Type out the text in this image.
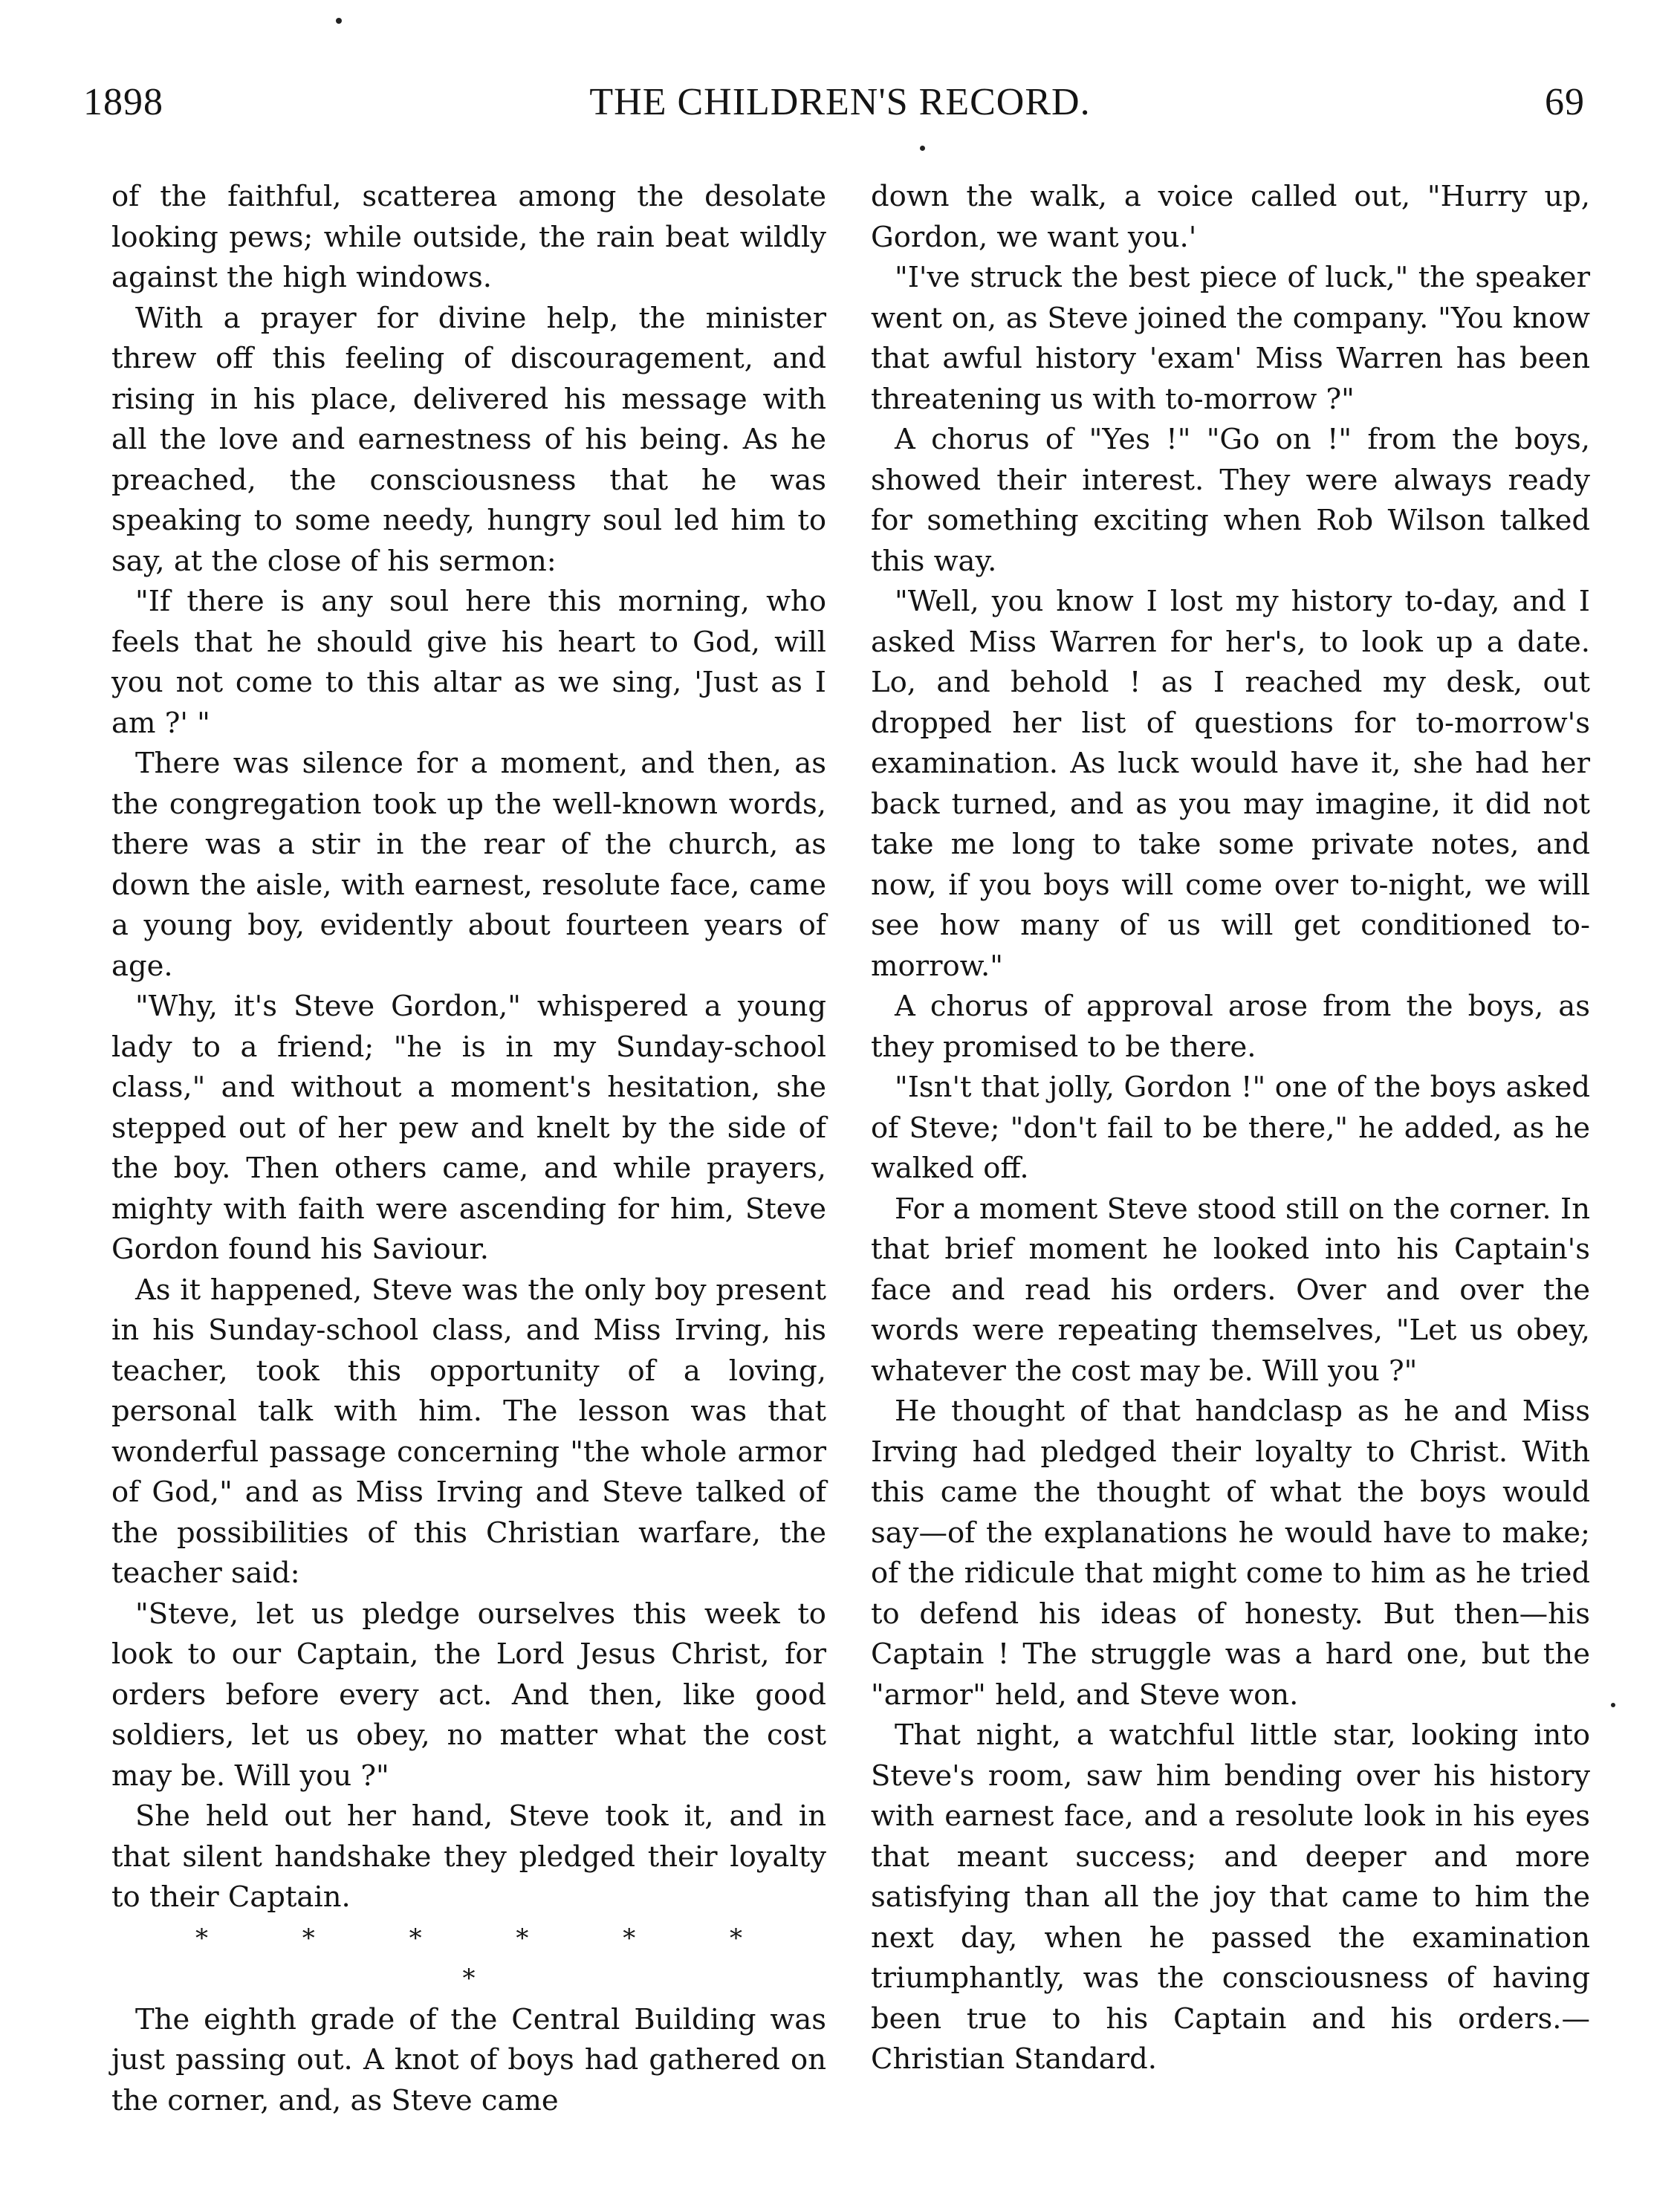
1898	THE CHILDREN'S RECORD.	69

of the faithful, scatterea among the desolate looking pews; while outside, the rain beat wildly against the high windows.

With a prayer for divine help, the minister threw off this feeling of discouragement, and rising in his place, delivered his message with all the love and earnestness of his being. As he preached, the consciousness that he was speaking to some needy, hungry soul led him to say, at the close of his sermon:

"If there is any soul here this morning, who feels that he should give his heart to God, will you not come to this altar as we sing, 'Just as I am ?' "

There was silence for a moment, and then, as the congregation took up the well-known words, there was a stir in the rear of the church, as down the aisle, with earnest, resolute face, came a young boy, evidently about fourteen years of age.

"Why, it's Steve Gordon," whispered a young lady to a friend; "he is in my Sunday-school class," and without a moment's hesitation, she stepped out of her pew and knelt by the side of the boy. Then others came, and while prayers, mighty with faith were ascending for him, Steve Gordon found his Saviour.

As it happened, Steve was the only boy present in his Sunday-school class, and Miss Irving, his teacher, took this opportunity of a loving, personal talk with him. The lesson was that wonderful passage concerning "the whole armor of God," and as Miss Irving and Steve talked of the possibilities of this Christian warfare, the teacher said:

"Steve, let us pledge ourselves this week to look to our Captain, the Lord Jesus Christ, for orders before every act. And then, like good soldiers, let us obey, no matter what the cost may be. Will you ?"

She held out her hand, Steve took it, and in that silent handshake they pledged their loyalty to their Captain.

* * * * * * *

The eighth grade of the Central Building was just passing out. A knot of boys had gathered on the corner, and, as Steve came

down the walk, a voice called out, "Hurry up, Gordon, we want you.'

"I've struck the best piece of luck," the speaker went on, as Steve joined the company. "You know that awful history 'exam' Miss Warren has been threatening us with to-morrow ?"

A chorus of "Yes !" "Go on !" from the boys, showed their interest. They were always ready for something exciting when Rob Wilson talked this way.

"Well, you know I lost my history to-day, and I asked Miss Warren for her's, to look up a date. Lo, and behold ! as I reached my desk, out dropped her list of questions for to-morrow's examination. As luck would have it, she had her back turned, and as you may imagine, it did not take me long to take some private notes, and now, if you boys will come over to-night, we will see how many of us will get conditioned to-morrow."

A chorus of approval arose from the boys, as they promised to be there.

"Isn't that jolly, Gordon !" one of the boys asked of Steve; "don't fail to be there," he added, as he walked off.

For a moment Steve stood still on the corner. In that brief moment he looked into his Captain's face and read his orders. Over and over the words were repeating themselves, "Let us obey, whatever the cost may be. Will you ?"

He thought of that handclasp as he and Miss Irving had pledged their loyalty to Christ. With this came the thought of what the boys would say—of the explanations he would have to make; of the ridicule that might come to him as he tried to defend his ideas of honesty. But then—his Captain ! The struggle was a hard one, but the "armor" held, and Steve won.

That night, a watchful little star, looking into Steve's room, saw him bending over his history with earnest face, and a resolute look in his eyes that meant success; and deeper and more satisfying than all the joy that came to him the next day, when he passed the examination triumphantly, was the consciousness of having been true to his Captain and his orders.—Christian Standard.
